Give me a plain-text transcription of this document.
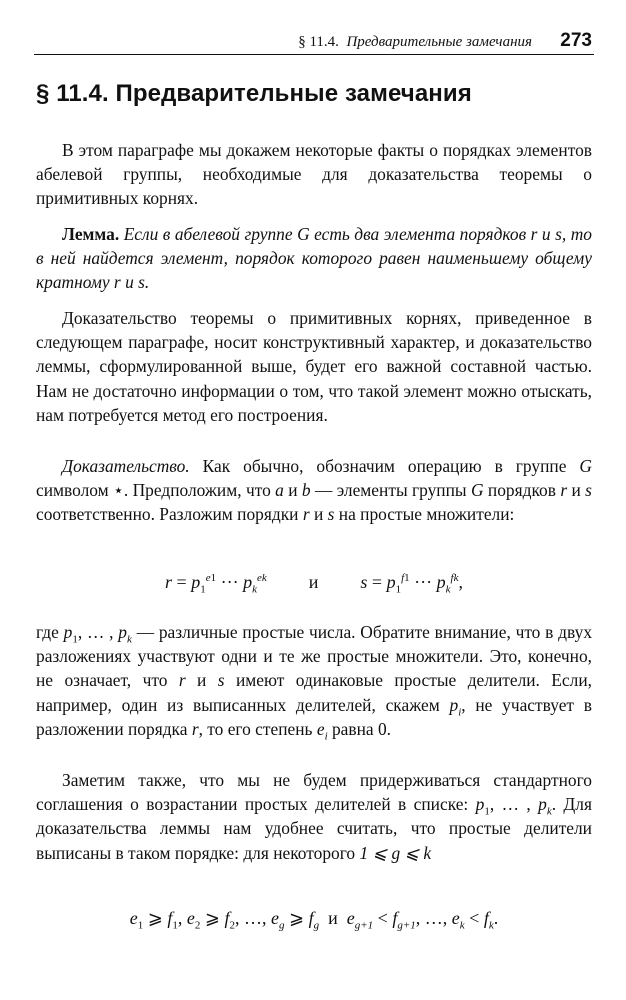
§ 11.4. Предварительные замечания 273
§ 11.4. Предварительные замечания

В этом параграфе мы докажем некоторые факты о порядках элементов абелевой группы, необходимые для доказательства теоремы о примитивных корнях.

Лемма. Если в абелевой группе G есть два элемента порядков r и s, то в ней найдется элемент, порядок которого равен наименьшему общему кратному r и s.

Доказательство теоремы о примитивных корнях, приведенное в следующем параграфе, носит конструктивный характер, и доказательство леммы, сформулированной выше, будет его важной составной частью. Нам не достаточно информации о том, что такой элемент можно отыскать, нам потребуется метод его построения.

Доказательство. Как обычно, обозначим операцию в группе G символом ⋆. Предположим, что a и b — элементы группы G порядков r и s соответственно. Разложим порядки r и s на простые множители:

$r = p_1^{e1}$ ··· $p_k^{ek}$ и $s = p_1^{f1}$ ··· $p_k^{fk}$,

где $p_1$, … , $p_k$ — различные простые числа. Обратите внимание, что в двух разложениях участвуют одни и те же простые множители. Это, конечно, не означает, что r и s имеют одинаковые простые делители. Если, например, один из выписанных делителей, скажем $p_i$, не участвует в разложении порядка r, то его степень $e_i$ равна 0.

Заметим также, что мы не будем придерживаться стандартного соглашения о возрастании простых делителей в списке: $p_1$, … , $p_k$. Для доказательства леммы нам удобнее считать, что простые делители выписаны в таком порядке: для некоторого 1 ⩽ g ⩽ k

$e_1$ ⩾ $f_1$, $e_2$ ⩾ $f_2$, …, $e_g$ ⩾ $f_g$ и $e_{g+1} < f_{g+1}$, …, $e_k < f_k$.
